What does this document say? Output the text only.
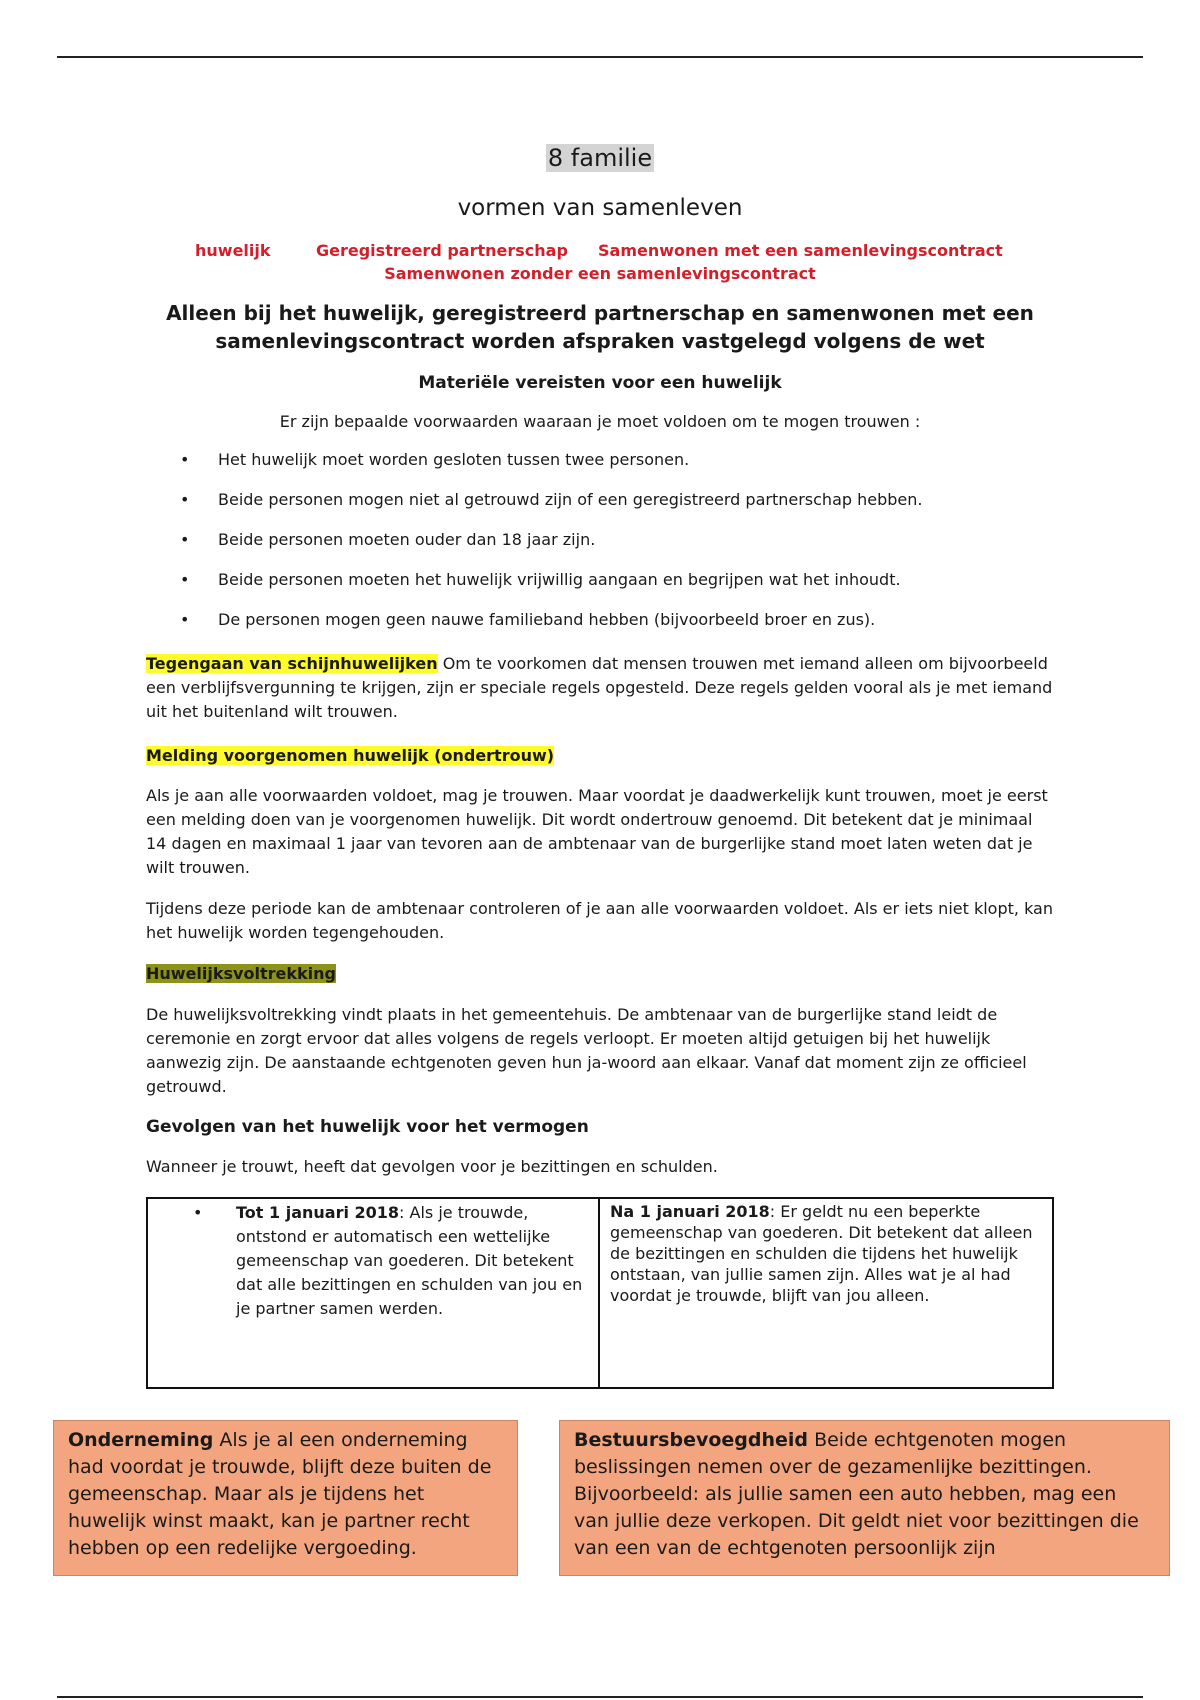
8 familie
vormen van samenleven
huwelijk	Geregistreerd partnerschap Samenwonen met een samenlevingscontract
Samenwonen zonder een samenlevingscontract
Alleen bij het huwelijk, geregistreerd partnerschap en samenwonen met een samenlevingscontract worden afspraken vastgelegd volgens de wet
Materiële vereisten voor een huwelijk
Er zijn bepaalde voorwaarden waaraan je moet voldoen om te mogen trouwen :
• Het huwelijk moet worden gesloten tussen twee personen.
• Beide personen mogen niet al getrouwd zijn of een geregistreerd partnerschap hebben.
• Beide personen moeten ouder dan 18 jaar zijn.
• Beide personen moeten het huwelijk vrijwillig aangaan en begrijpen wat het inhoudt.
• De personen mogen geen nauwe familieband hebben (bijvoorbeeld broer en zus).

Tegengaan van schijnhuwelijken Om te voorkomen dat mensen trouwen met iemand alleen om bijvoorbeeld een verblijfsvergunning te krijgen, zijn er speciale regels opgesteld. Deze regels gelden vooral als je met iemand uit het buitenland wilt trouwen.

Melding voorgenomen huwelijk (ondertrouw)

Als je aan alle voorwaarden voldoet, mag je trouwen. Maar voordat je daadwerkelijk kunt trouwen, moet je eerst een melding doen van je voorgenomen huwelijk. Dit wordt ondertrouw genoemd. Dit betekent dat je minimaal 14 dagen en maximaal 1 jaar van tevoren aan de ambtenaar van de burgerlijke stand moet laten weten dat je wilt trouwen.

Tijdens deze periode kan de ambtenaar controleren of je aan alle voorwaarden voldoet. Als er iets niet klopt, kan het huwelijk worden tegengehouden.

Huwelijksvoltrekking

De huwelijksvoltrekking vindt plaats in het gemeentehuis. De ambtenaar van de burgerlijke stand leidt de ceremonie en zorgt ervoor dat alles volgens de regels verloopt. Er moeten altijd getuigen bij het huwelijk aanwezig zijn. De aanstaande echtgenoten geven hun ja-woord aan elkaar. Vanaf dat moment zijn ze officieel getrouwd.

Gevolgen van het huwelijk voor het vermogen

Wanneer je trouwt, heeft dat gevolgen voor je bezittingen en schulden.

•	Tot 1 januari 2018: Als je trouwde, ontstond er automatisch een wettelijke gemeenschap van goederen. Dit betekent dat alle bezittingen en schulden van jou en je partner samen werden.
Na 1 januari 2018: Er geldt nu een beperkte gemeenschap van goederen. Dit betekent dat alleen de bezittingen en schulden die tijdens het huwelijk ontstaan, van jullie samen zijn. Alles wat je al had voordat je trouwde, blijft van jou alleen.
Onderneming Als je al een onderneming had voordat je trouwde, blijft deze buiten de gemeenschap. Maar als je tijdens het huwelijk winst maakt, kan je partner recht hebben op een redelijke vergoeding.
Bestuursbevoegdheid Beide echtgenoten mogen beslissingen nemen over de gezamenlijke bezittingen. Bijvoorbeeld: als jullie samen een auto hebben, mag een van jullie deze verkopen. Dit geldt niet voor bezittingen die van een van de echtgenoten persoonlijk zijn
